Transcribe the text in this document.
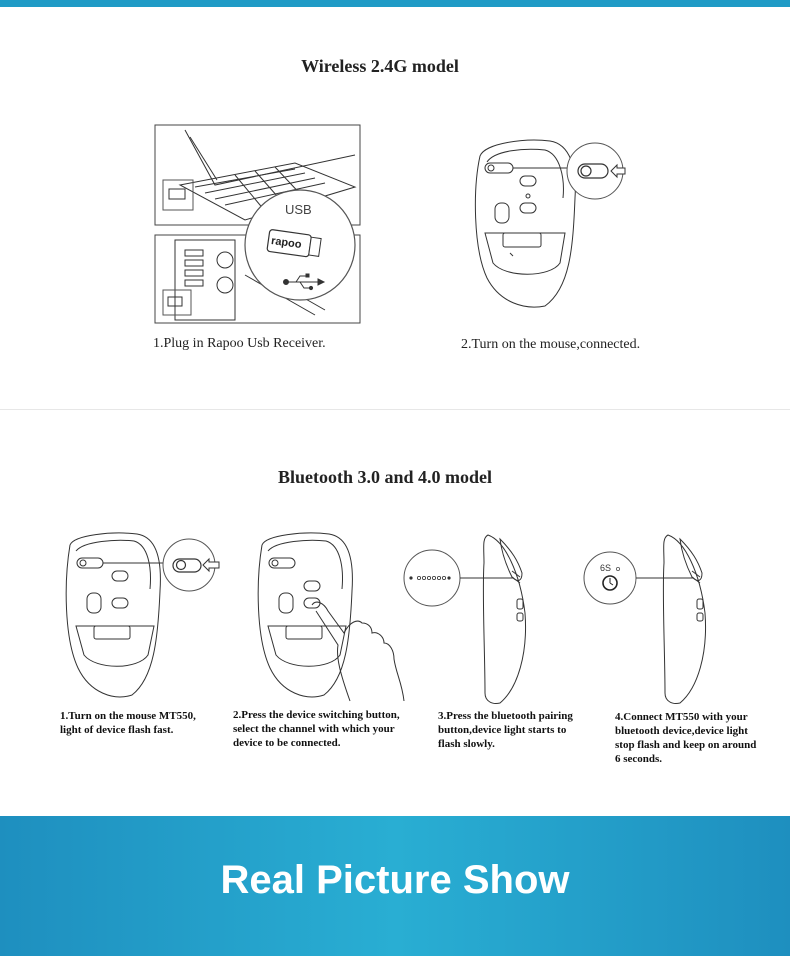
Wireless 2.4G model
USB
rapoo
1.Plug in Rapoo Usb Receiver.	2.Turn on the mouse,connected.
Bluetooth 3.0 and 4.0 model
6S
1.Turn on the mouse MT550,
light of device flash fast.
2.Press the device switching button,
select the channel with which your
device to be connected.
3.Press the bluetooth pairing
button,device light starts to
flash slowly.
4.Connect MT550 with your
bluetooth device,device light
stop flash and keep on around
6 seconds.
Real Picture Show
